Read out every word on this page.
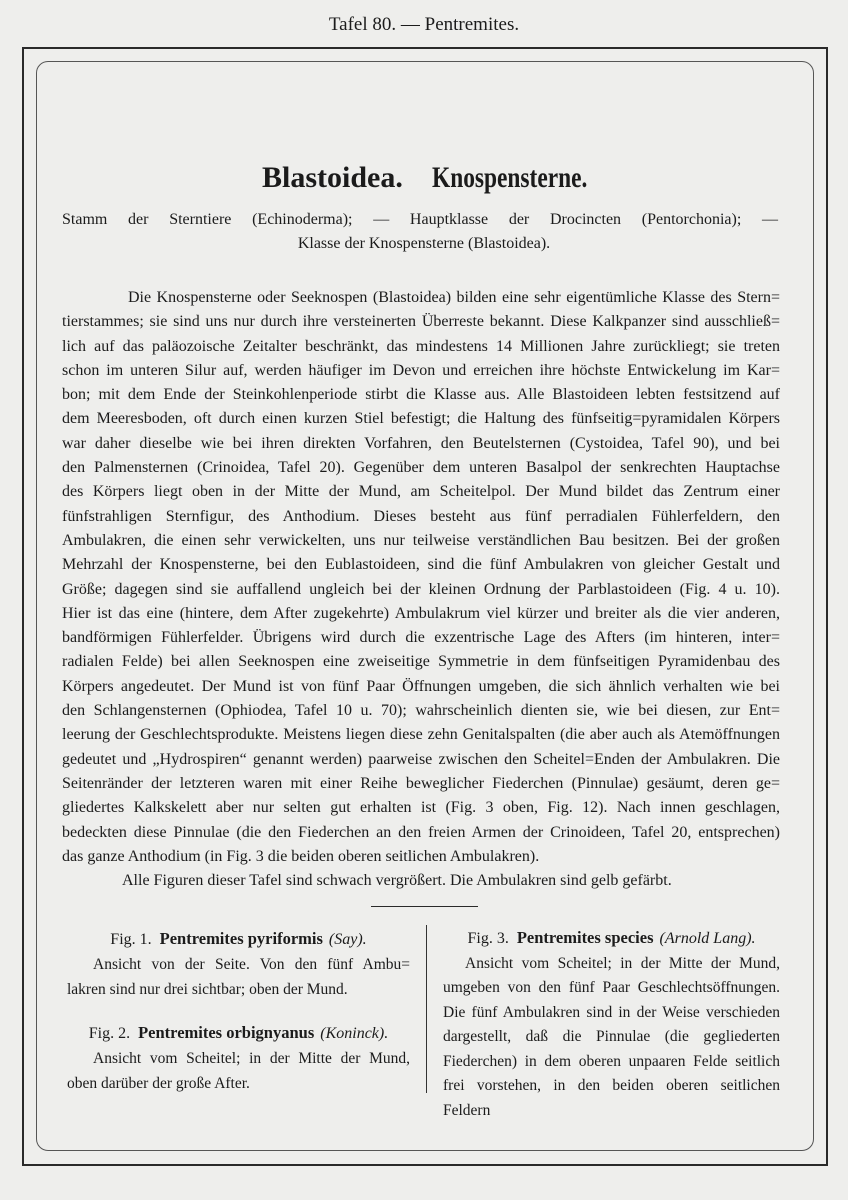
Tafel 80. — Pentremites.
Blastoidea. Knospensterne.
Stamm der Sterntiere (Echinoderma); — Hauptklasse der Drocincten (Pentorchonia); —
Klasse der Knospensterne (Blastoidea).
Die Knospensterne oder Seeknospen (Blastoidea) bilden eine sehr eigentümliche Klasse des Stern=
tierstammes; sie sind uns nur durch ihre versteinerten Überreste bekannt. Diese Kalkpanzer sind ausschließ=
lich auf das paläozoische Zeitalter beschränkt, das mindestens 14 Millionen Jahre zurückliegt; sie treten
schon im unteren Silur auf, werden häufiger im Devon und erreichen ihre höchste Entwickelung im Kar=
bon; mit dem Ende der Steinkohlenperiode stirbt die Klasse aus. Alle Blastoideen lebten festsitzend auf
dem Meeresboden, oft durch einen kurzen Stiel befestigt; die Haltung des fünfseitig=pyramidalen Körpers
war daher dieselbe wie bei ihren direkten Vorfahren, den Beutelsternen (Cystoidea, Tafel 90), und bei
den Palmensternen (Crinoidea, Tafel 20). Gegenüber dem unteren Basalpol der senkrechten Hauptachse
des Körpers liegt oben in der Mitte der Mund, am Scheitelpol. Der Mund bildet das Zentrum einer
fünfstrahligen Sternfigur, des Anthodium. Dieses besteht aus fünf perradialen Fühlerfeldern, den
Ambulakren, die einen sehr verwickelten, uns nur teilweise verständlichen Bau besitzen. Bei der großen
Mehrzahl der Knospensterne, bei den Eublastoideen, sind die fünf Ambulakren von gleicher Gestalt und
Größe; dagegen sind sie auffallend ungleich bei der kleinen Ordnung der Parblastoideen (Fig. 4 u. 10).
Hier ist das eine (hintere, dem After zugekehrte) Ambulakrum viel kürzer und breiter als die vier anderen,
bandförmigen Fühlerfelder. Übrigens wird durch die exzentrische Lage des Afters (im hinteren, inter=
radialen Felde) bei allen Seeknospen eine zweiseitige Symmetrie in dem fünfseitigen Pyramidenbau des
Körpers angedeutet. Der Mund ist von fünf Paar Öffnungen umgeben, die sich ähnlich verhalten wie bei
den Schlangensternen (Ophiodea, Tafel 10 u. 70); wahrscheinlich dienten sie, wie bei diesen, zur Ent=
leerung der Geschlechtsprodukte. Meistens liegen diese zehn Genitalspalten (die aber auch als Atemöffnungen
gedeutet und „Hydrospiren“ genannt werden) paarweise zwischen den Scheitel=Enden der Ambulakren. Die
Seitenränder der letzteren waren mit einer Reihe beweglicher Fiederchen (Pinnulae) gesäumt, deren ge=
gliedertes Kalkskelett aber nur selten gut erhalten ist (Fig. 3 oben, Fig. 12). Nach innen geschlagen,
bedeckten diese Pinnulae (die den Fiederchen an den freien Armen der Crinoideen, Tafel 20, entsprechen)
das ganze Anthodium (in Fig. 3 die beiden oberen seitlichen Ambulakren).
Alle Figuren dieser Tafel sind schwach vergrößert. Die Ambulakren sind gelb gefärbt.
Fig. 1. Pentremites pyriformis (Say).
Ansicht von der Seite. Von den fünf Ambu=
lakren sind nur drei sichtbar; oben der Mund.
Fig. 2. Pentremites orbignyanus (Koninck).
Ansicht vom Scheitel; in der Mitte der Mund,
oben darüber der große After.
Fig. 3. Pentremites species (Arnold Lang).
Ansicht vom Scheitel; in der Mitte der Mund,
umgeben von den fünf Paar Geschlechtsöffnungen.
Die fünf Ambulakren sind in der Weise verschieden
dargestellt, daß die Pinnulae (die gegliederten
Fiederchen) in dem oberen unpaaren Felde seitlich
frei vorstehen, in den beiden oberen seitlichen Feldern
